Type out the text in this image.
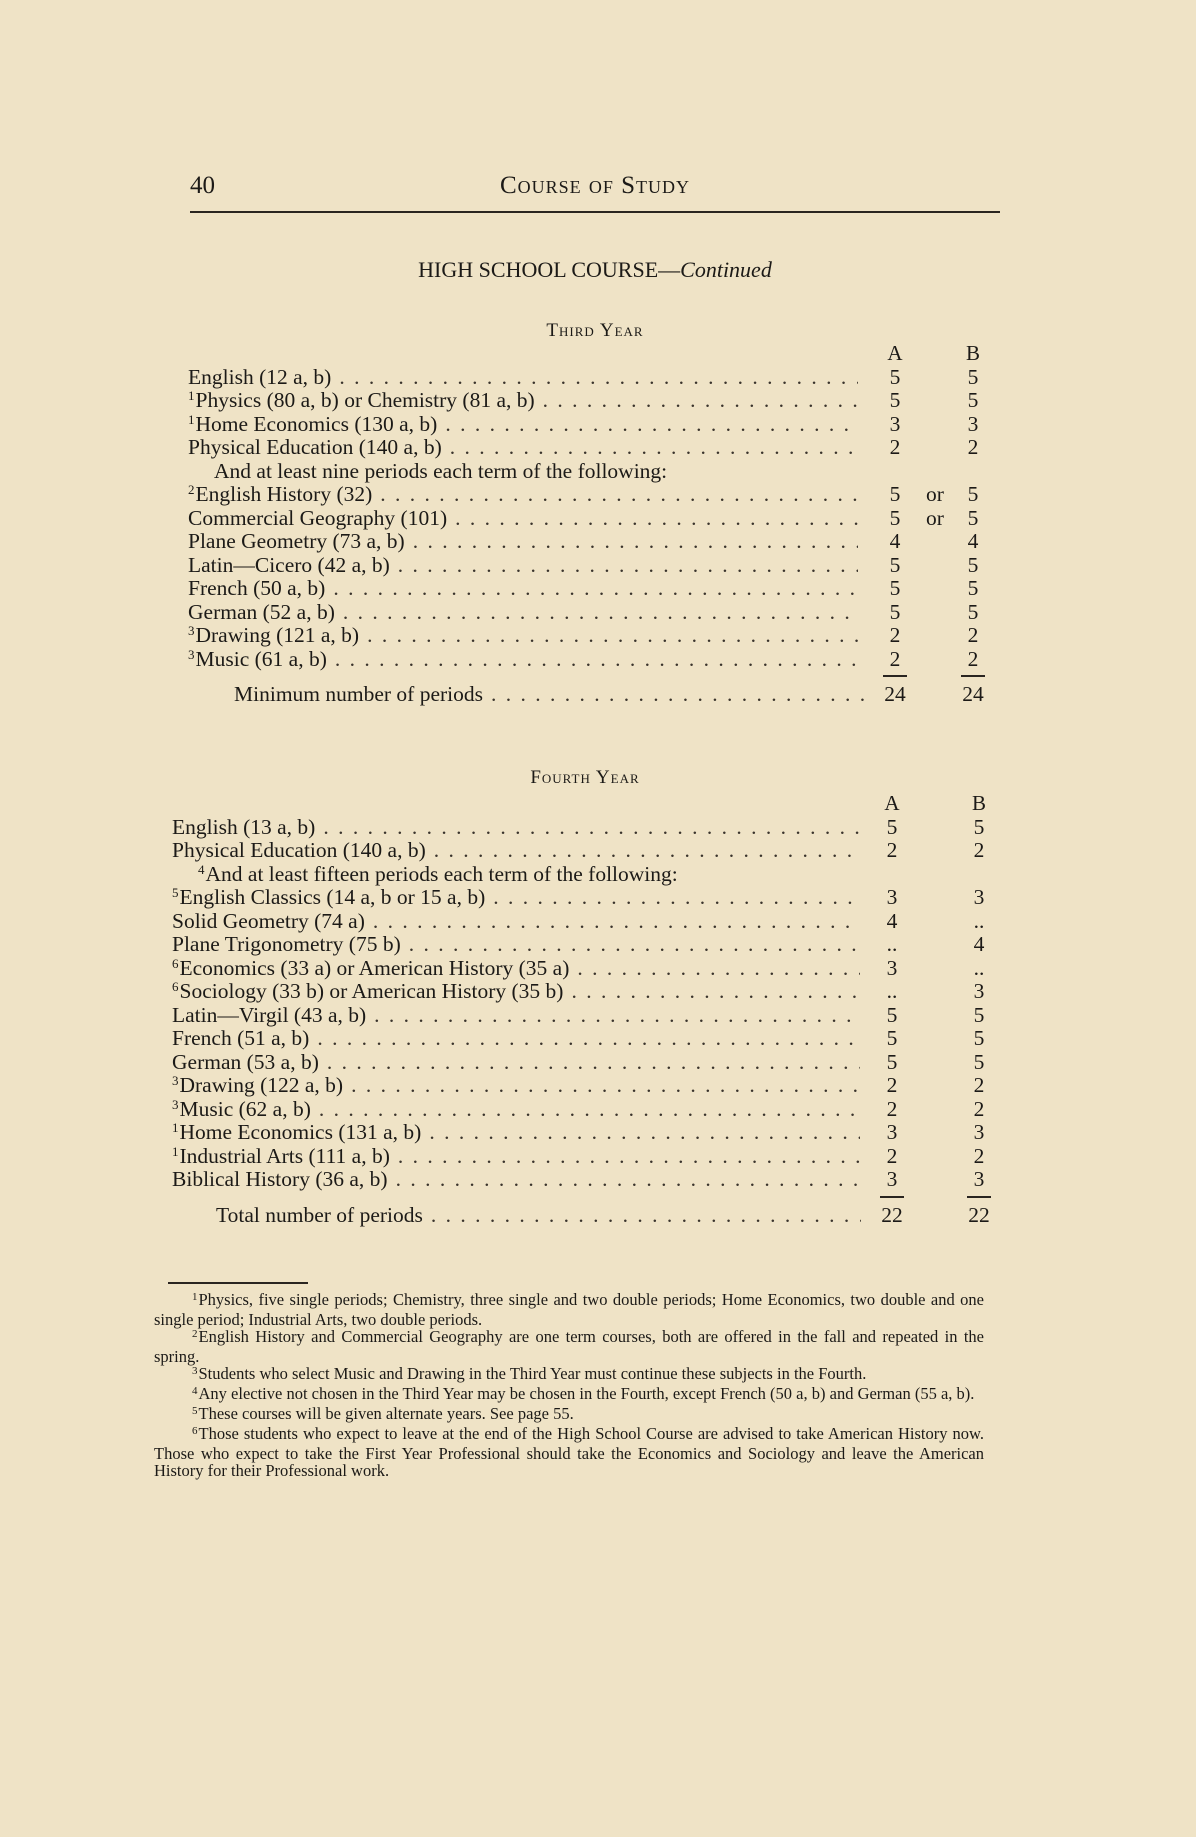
40	Course of Study
HIGH SCHOOL COURSE—Continued
Third Year
A	B
English (12 a, b) . . .	5	5
$^1$Physics (80 a, b) or Chemistry (81 a, b) . . .	5	5
$^1$Home Economics (130 a, b) . . .	3	3
Physical Education (140 a, b) . . .	2	2
And at least nine periods each term of the following:
$^2$English History (32) . . .	5	or	5
Commercial Geography (101) . . .	5	or	5
Plane Geometry (73 a, b) . . .	4	4
Latin—Cicero (42 a, b) . . .	5	5
French (50 a, b) . . .	5	5
German (52 a, b) . . .	5	5
$^3$Drawing (121 a, b) . . .	2	2
$^3$Music (61 a, b) . . .	2	2
Minimum number of periods . . .	24	24
Fourth Year
A	B
English (13 a, b) . . .	5	5
Physical Education (140 a, b) . . .	2	2
$^4$And at least fifteen periods each term of the following:
$^5$English Classics (14 a, b or 15 a, b) . . .	3	3
Solid Geometry (74 a) . . .	4	..
Plane Trigonometry (75 b) . . .	..	4
$^6$Economics (33 a) or American History (35 a) . . .	3	..
$^6$Sociology (33 b) or American History (35 b) . . .	..	3
Latin—Virgil (43 a, b) . . .	5	5
French (51 a, b) . . .	5	5
German (53 a, b) . . .	5	5
$^3$Drawing (122 a, b) . . .	2	2
$^3$Music (62 a, b) . . .	2	2
$^1$Home Economics (131 a, b) . . .	3	3
$^1$Industrial Arts (111 a, b) . . .	2	2
Biblical History (36 a, b) . . .	3	3
Total number of periods . . .	22	22

$^1$Physics, five single periods; Chemistry, three single and two double periods; Home Economics, two double and one single period; Industrial Arts, two double periods.

$^2$English History and Commercial Geography are one term courses, both are offered in the fall and repeated in the spring.

$^3$Students who select Music and Drawing in the Third Year must continue these subjects in the Fourth.

$^4$Any elective not chosen in the Third Year may be chosen in the Fourth, except French (50 a, b) and German (55 a, b).

$^5$These courses will be given alternate years. See page 55.

$^6$Those students who expect to leave at the end of the High School Course are advised to take American History now. Those who expect to take the First Year Professional should take the Economics and Sociology and leave the American History for their Professional work.
